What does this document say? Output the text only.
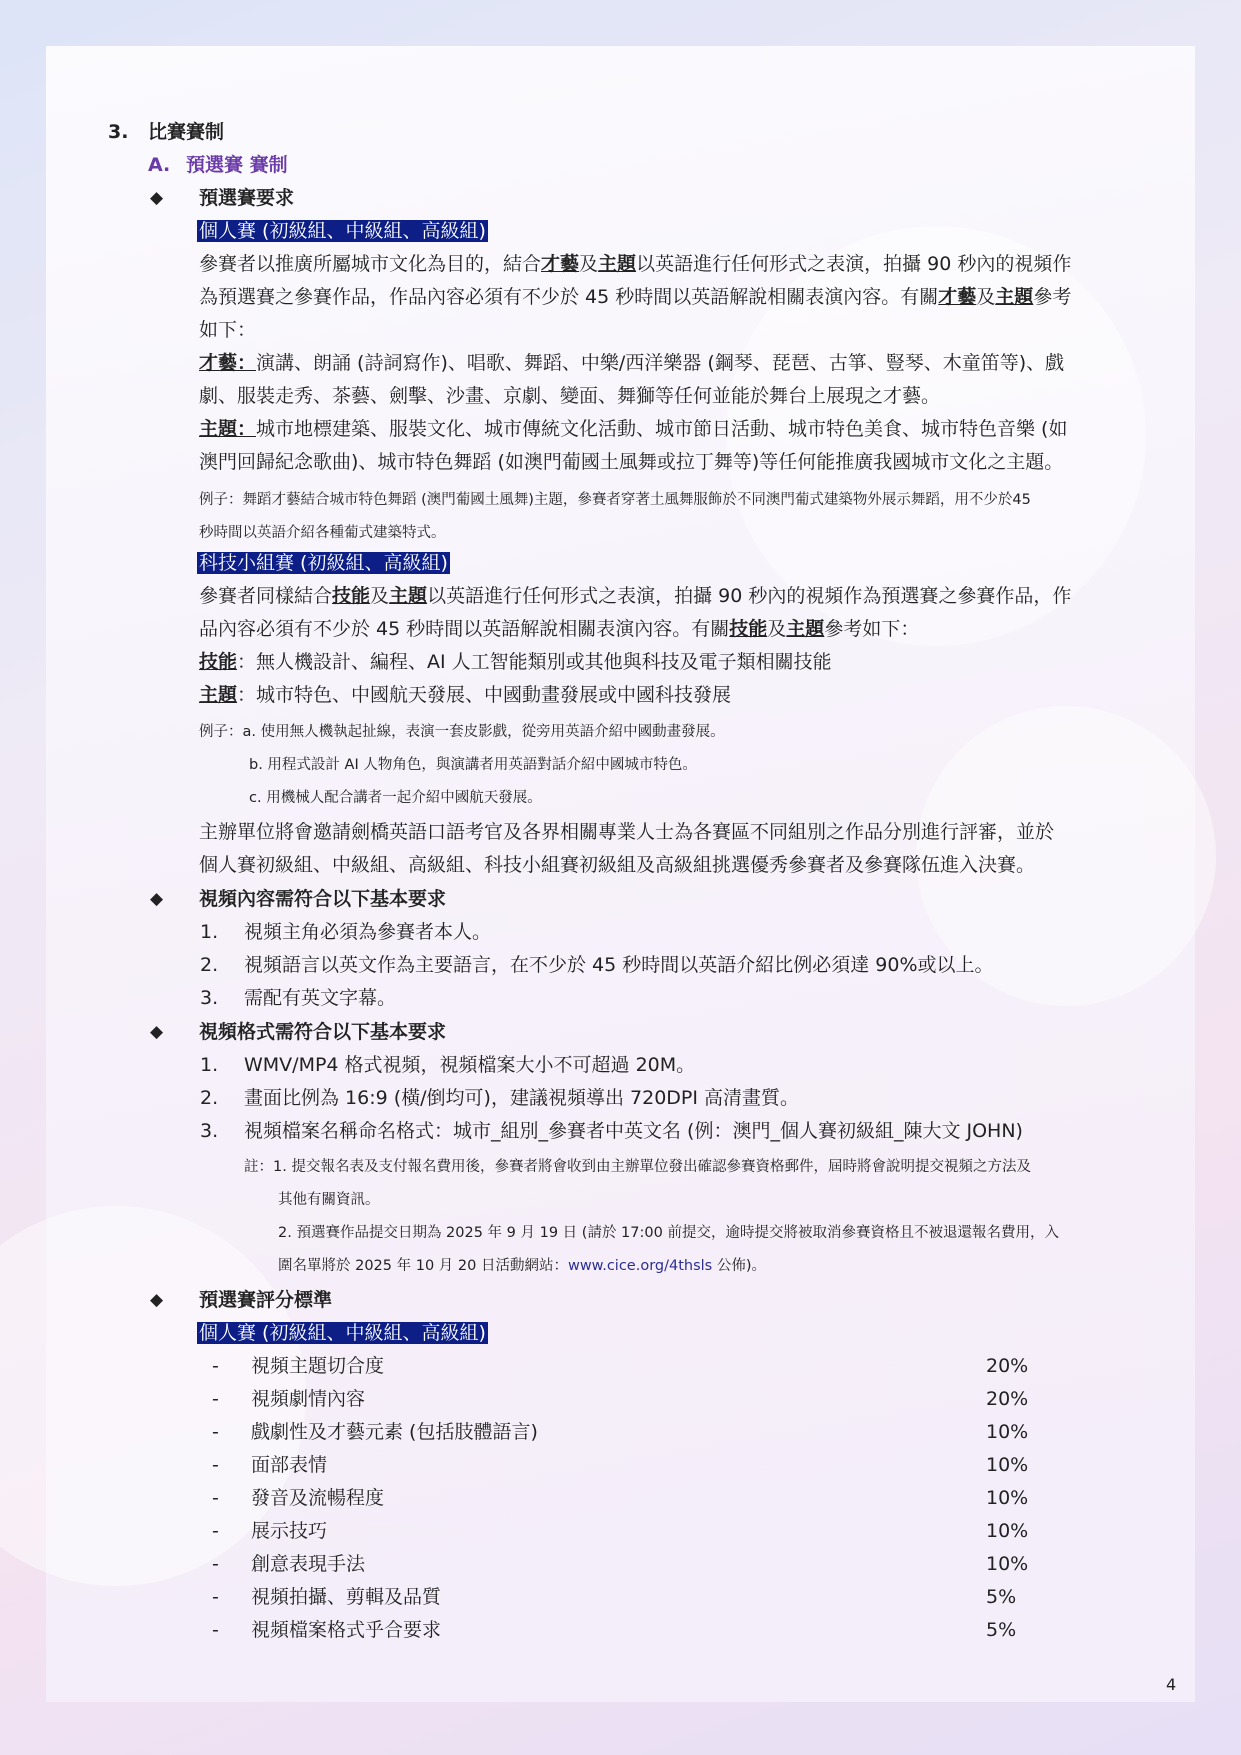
3. 比賽賽制
A. 預選賽 賽制
◆ 預選賽要求
個人賽 (初級組、中級組、高級組)
參賽者以推廣所屬城市文化為目的，結合才藝及主題以英語進行任何形式之表演，拍攝 90 秒內的視頻作
為預選賽之參賽作品，作品內容必須有不少於 45 秒時間以英語解說相關表演內容。有關才藝及主題參考
如下：
才藝：演講、朗誦 (詩詞寫作)、唱歌、舞蹈、中樂/西洋樂器 (鋼琴、琵琶、古箏、豎琴、木童笛等)、戲
劇、服裝走秀、茶藝、劍擊、沙畫、京劇、變面、舞獅等任何並能於舞台上展現之才藝。
主題：城市地標建築、服裝文化、城市傳統文化活動、城市節日活動、城市特色美食、城市特色音樂 (如
澳門回歸紀念歌曲)、城市特色舞蹈 (如澳門葡國土風舞或拉丁舞等)等任何能推廣我國城市文化之主題。
例子：舞蹈才藝結合城市特色舞蹈 (澳門葡國土風舞)主題，參賽者穿著土風舞服飾於不同澳門葡式建築物外展示舞蹈，用不少於45
秒時間以英語介紹各種葡式建築特式。
科技小組賽 (初級組、高級組)
參賽者同樣結合技能及主題以英語進行任何形式之表演，拍攝 90 秒內的視頻作為預選賽之參賽作品，作
品內容必須有不少於 45 秒時間以英語解說相關表演內容。有關技能及主題參考如下：
技能：無人機設計、編程、AI 人工智能類別或其他與科技及電子類相關技能
主題：城市特色、中國航天發展、中國動畫發展或中國科技發展
例子：a. 使用無人機執起扯線，表演一套皮影戲，從旁用英語介紹中國動畫發展。
b. 用程式設計 AI 人物角色，與演講者用英語對話介紹中國城市特色。
c. 用機械人配合講者一起介紹中國航天發展。
主辦單位將會邀請劍橋英語口語考官及各界相關專業人士為各賽區不同組別之作品分別進行評審，並於
個人賽初級組、中級組、高級組、科技小組賽初級組及高級組挑選優秀參賽者及參賽隊伍進入決賽。
◆ 視頻內容需符合以下基本要求
1. 視頻主角必須為參賽者本人。
2. 視頻語言以英文作為主要語言，在不少於 45 秒時間以英語介紹比例必須達 90%或以上。
3. 需配有英文字幕。
◆ 視頻格式需符合以下基本要求
1. WMV/MP4 格式視頻，視頻檔案大小不可超過 20M。
2. 畫面比例為 16:9 (橫/倒均可)，建議視頻導出 720DPI 高清畫質。
3. 視頻檔案名稱命名格式：城市_組別_參賽者中英文名 (例：澳門_個人賽初級組_陳大文 JOHN)
註：1. 提交報名表及支付報名費用後，參賽者將會收到由主辦單位發出確認參賽資格郵件，屆時將會說明提交視頻之方法及
其他有關資訊。
2. 預選賽作品提交日期為 2025 年 9 月 19 日 (請於 17:00 前提交，逾時提交將被取消參賽資格且不被退還報名費用，入
圍名單將於 2025 年 10 月 20 日活動網站：www.cice.org/4thsls 公佈)。
◆ 預選賽評分標準
個人賽 (初級組、中級組、高級組)
- 視頻主題切合度	20%
- 視頻劇情內容	20%
- 戲劇性及才藝元素 (包括肢體語言)	10%
- 面部表情	10%
- 發音及流暢程度	10%
- 展示技巧	10%
- 創意表現手法	10%
- 視頻拍攝、剪輯及品質	5%
- 視頻檔案格式乎合要求	5%
4
